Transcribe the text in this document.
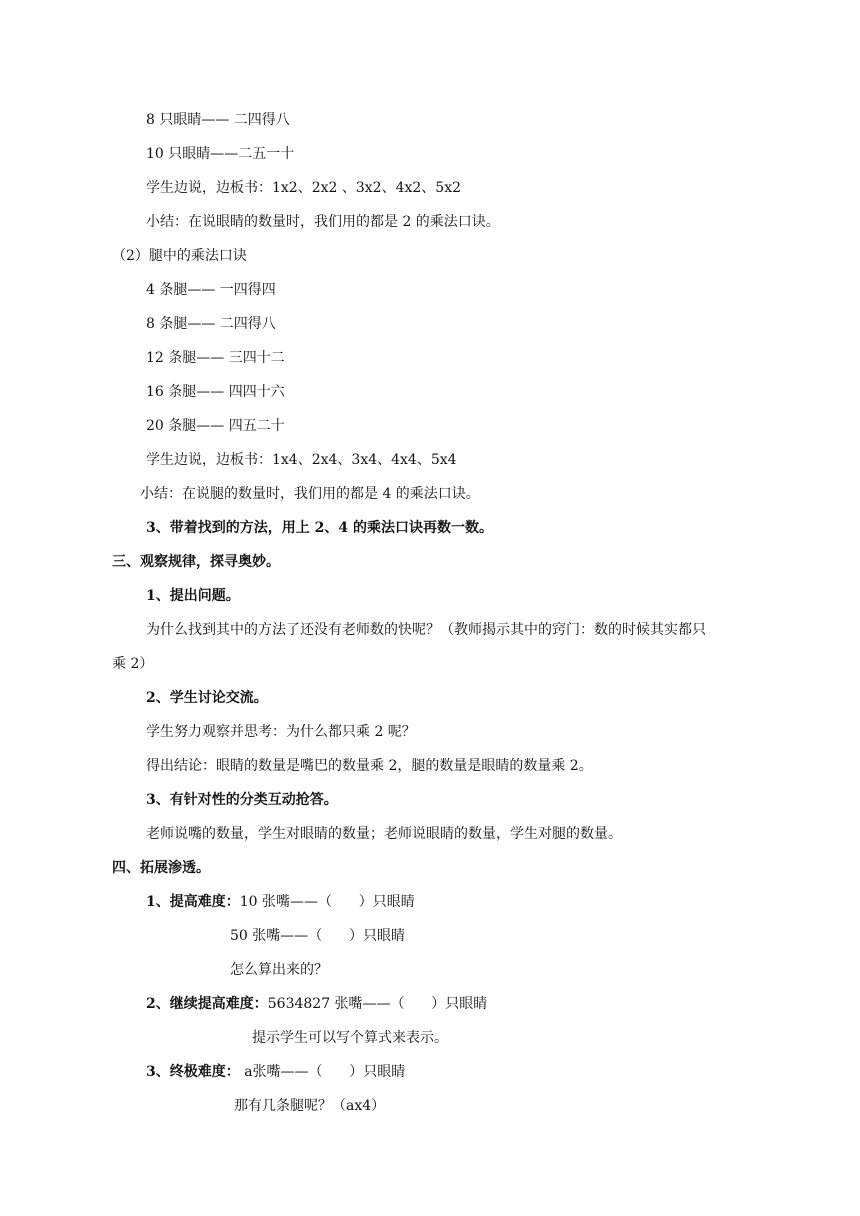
8 只眼睛—— 二四得八
10 只眼睛——二五一十
学生边说，边板书：1x2、2x2 、3x2、4x2、5x2
小结：在说眼睛的数量时，我们用的都是 2 的乘法口诀。
（2）腿中的乘法口诀
4 条腿—— 一四得四
8 条腿—— 二四得八
12 条腿—— 三四十二
16 条腿—— 四四十六
20 条腿—— 四五二十
学生边说，边板书：1x4、2x4、3x4、4x4、5x4
小结：在说腿的数量时，我们用的都是 4 的乘法口诀。
3、带着找到的方法，用上 2、4 的乘法口诀再数一数。
三、观察规律，探寻奥妙。
1、提出问题。
为什么找到其中的方法了还没有老师数的快呢？（教师揭示其中的窍门：数的时候其实都只
乘 2）
2、学生讨论交流。
学生努力观察并思考：为什么都只乘 2 呢？
得出结论：眼睛的数量是嘴巴的数量乘 2，腿的数量是眼睛的数量乘 2。
3、有针对性的分类互动抢答。
老师说嘴的数量，学生对眼睛的数量；老师说眼睛的数量，学生对腿的数量。
四、拓展渗透。
1、提高难度：10 张嘴——（      ）只眼睛
50 张嘴——（      ）只眼睛
怎么算出来的？
2、继续提高难度：5634827 张嘴——（      ）只眼睛
提示学生可以写个算式来表示。
3、终极难度： a张嘴——（      ）只眼睛
那有几条腿呢？（ax4）
